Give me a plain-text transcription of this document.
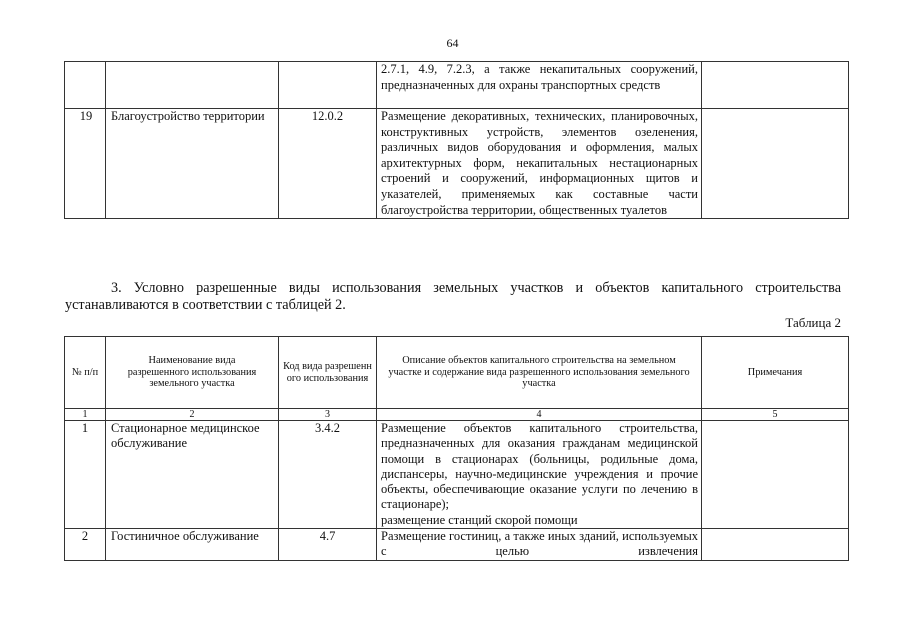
64
			2.7.1, 4.9, 7.2.3, а также некапитальных сооружений, предназначенных для охраны транспортных средств	
19	Благоустройство территории	12.0.2	Размещение декоративных, технических, планировочных, конструктивных устройств, элементов озеленения, различных видов оборудования и оформления, малых архитектурных форм, некапитальных нестационарных строений и сооружений, информационных щитов и указателей, применяемых как составные части благоустройства территории, общественных туалетов	
3. Условно разрешенные виды использования земельных участков и объектов капитального строительства устанавливаются в соответствии с таблицей 2.
Таблица 2
№ п/п	Наименование вида разрешенного использования земельного участка	Код вида разрешенного использования	Описание объектов капитального строительства на земельном участке и содержание вида разрешенного использования земельного участка	Примечания
1	2	3	4	5
1	Стационарное медицинское обслуживание	3.4.2	Размещение объектов капитального строительства, предназначенных для оказания гражданам медицинской помощи в стационарах (больницы, родильные дома, диспансеры, научно-медицинские учреждения и прочие объекты, обеспечивающие оказание услуги по лечению в стационаре);
размещение станций скорой помощи	

2	Гостиничное обслуживание	4.7	Размещение гостиниц, а также иных зданий, используемых с целью извлечения	
